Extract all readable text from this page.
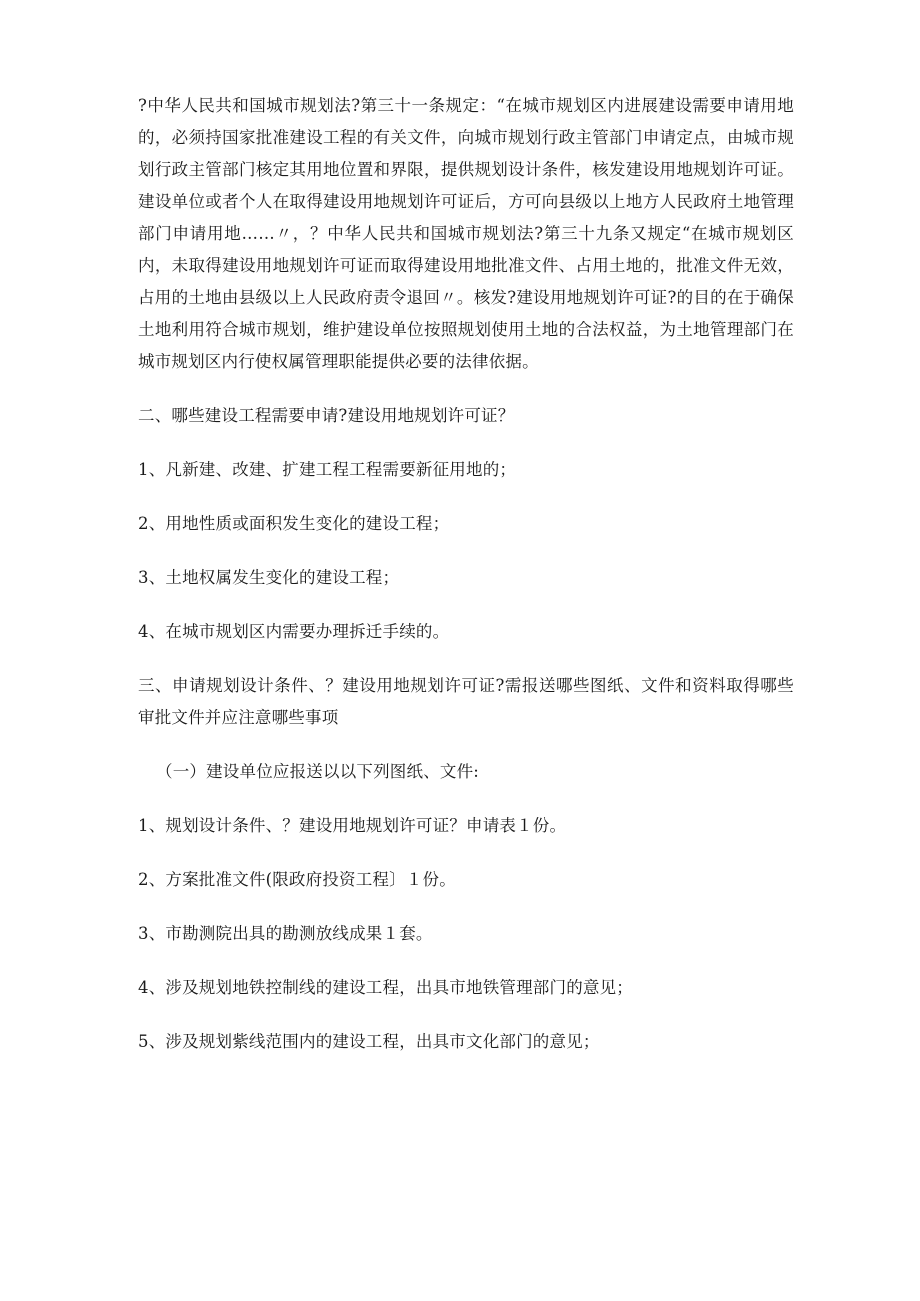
?中华人民共和国城市规划法?第三十一条规定：“在城市规划区内进展建设需要申请用地的，必须持国家批准建设工程的有关文件，向城市规划行政主管部门申请定点，由城市规划行政主管部门核定其用地位置和界限，提供规划设计条件，核发建设用地规划许可证。建设单位或者个人在取得建设用地规划许可证后，方可向县级以上地方人民政府土地管理部门申请用地……〃，？中华人民共和国城市规划法?第三十九条又规定“在城市规划区内，未取得建设用地规划许可证而取得建设用地批准文件、占用土地的，批准文件无效，占用的土地由县级以上人民政府责令退回〃。核发?建设用地规划许可证?的目的在于确保土地利用符合城市规划，维护建设单位按照规划使用土地的合法权益，为土地管理部门在城市规划区内行使权属管理职能提供必要的法律依据。

二、哪些建设工程需要申请?建设用地规划许可证？

1、凡新建、改建、扩建工程工程需要新征用地的；

2、用地性质或面积发生变化的建设工程；

3、土地权属发生变化的建设工程；

4、在城市规划区内需要办理拆迁手续的。

三、申请规划设计条件、？建设用地规划许可证?需报送哪些图纸、文件和资料取得哪些审批文件并应注意哪些事项

（一）建设单位应报送以以下列图纸、文件:

1、规划设计条件、？建设用地规划许可证？申请表１份。

2、方案批准文件(限政府投资工程〕１份。

3、市勘测院出具的勘测放线成果１套。

4、涉及规划地铁控制线的建设工程，出具市地铁管理部门的意见；

5、涉及规划紫线范围内的建设工程，出具市文化部门的意见；
